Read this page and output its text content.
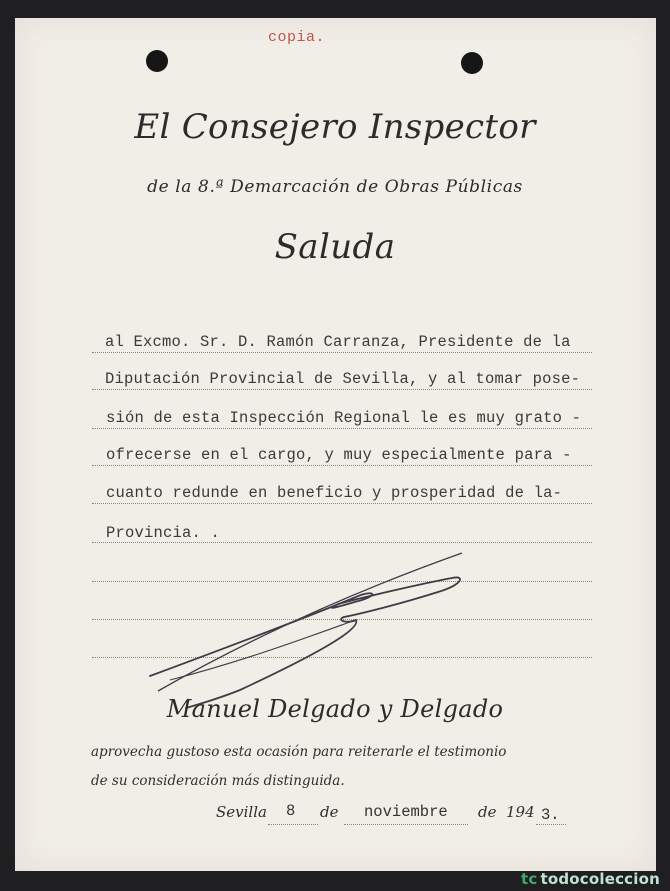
copia.
El Consejero Inspector
de la 8.ª Demarcación de Obras Públicas
Saluda
al Excmo. Sr. D. Ramón Carranza, Presidente de la
Diputación Provincial de Sevilla, y al tomar pose-
sión de esta Inspección Regional le es muy grato -
ofrecerse en el cargo, y muy especialmente para -
cuanto redunde en beneficio y prosperidad de la-
Provincia. .
Manuel Delgado y Delgado
aprovecha gustoso esta ocasión para reiterarle el testimonio
de su consideración más distinguida.
Sevilla 8 de noviembre de 194 3.
tc todocoleccion
